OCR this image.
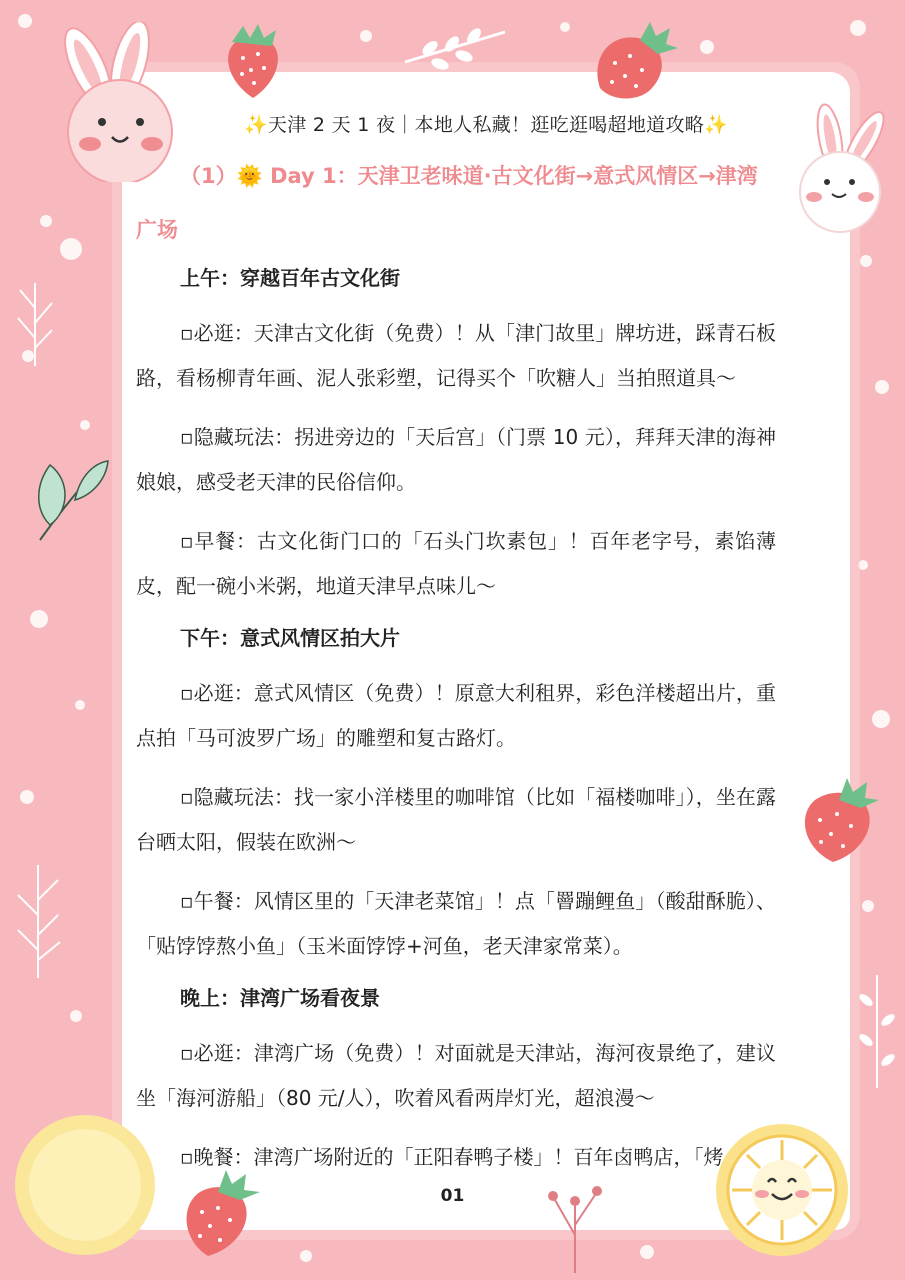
✨天津 2 天 1 夜｜本地人私藏！逛吃逛喝超地道攻略✨
（1）🌞 Day 1：天津卫老味道·古文化街→意式风情区→津湾广场
上午：穿越百年古文化街

▫必逛：天津古文化街（免费）！从「津门故里」牌坊进，踩青石板路，看杨柳青年画、泥人张彩塑，记得买个「吹糖人」当拍照道具～

▫隐藏玩法：拐进旁边的「天后宫」（门票 10 元），拜拜天津的海神娘娘，感受老天津的民俗信仰。

▫早餐：古文化街门口的「石头门坎素包」！百年老字号，素馅薄皮，配一碗小米粥，地道天津早点味儿～

下午：意式风情区拍大片

▫必逛：意式风情区（免费）！原意大利租界，彩色洋楼超出片，重点拍「马可波罗广场」的雕塑和复古路灯。

▫隐藏玩法：找一家小洋楼里的咖啡馆（比如「福楼咖啡」），坐在露台晒太阳，假装在欧洲～

▫午餐：风情区里的「天津老菜馆」！点「罾蹦鲤鱼」（酸甜酥脆）、「贴饽饽熬小鱼」（玉米面饽饽+河鱼，老天津家常菜）。

晚上：津湾广场看夜景

▫必逛：津湾广场（免费）！对面就是天津站，海河夜景绝了，建议坐「海河游船」（80 元/人），吹着风看两岸灯光，超浪漫～

▫晚餐：津湾广场附近的「正阳春鸭子楼」！百年卤鸭店，「烤

01
